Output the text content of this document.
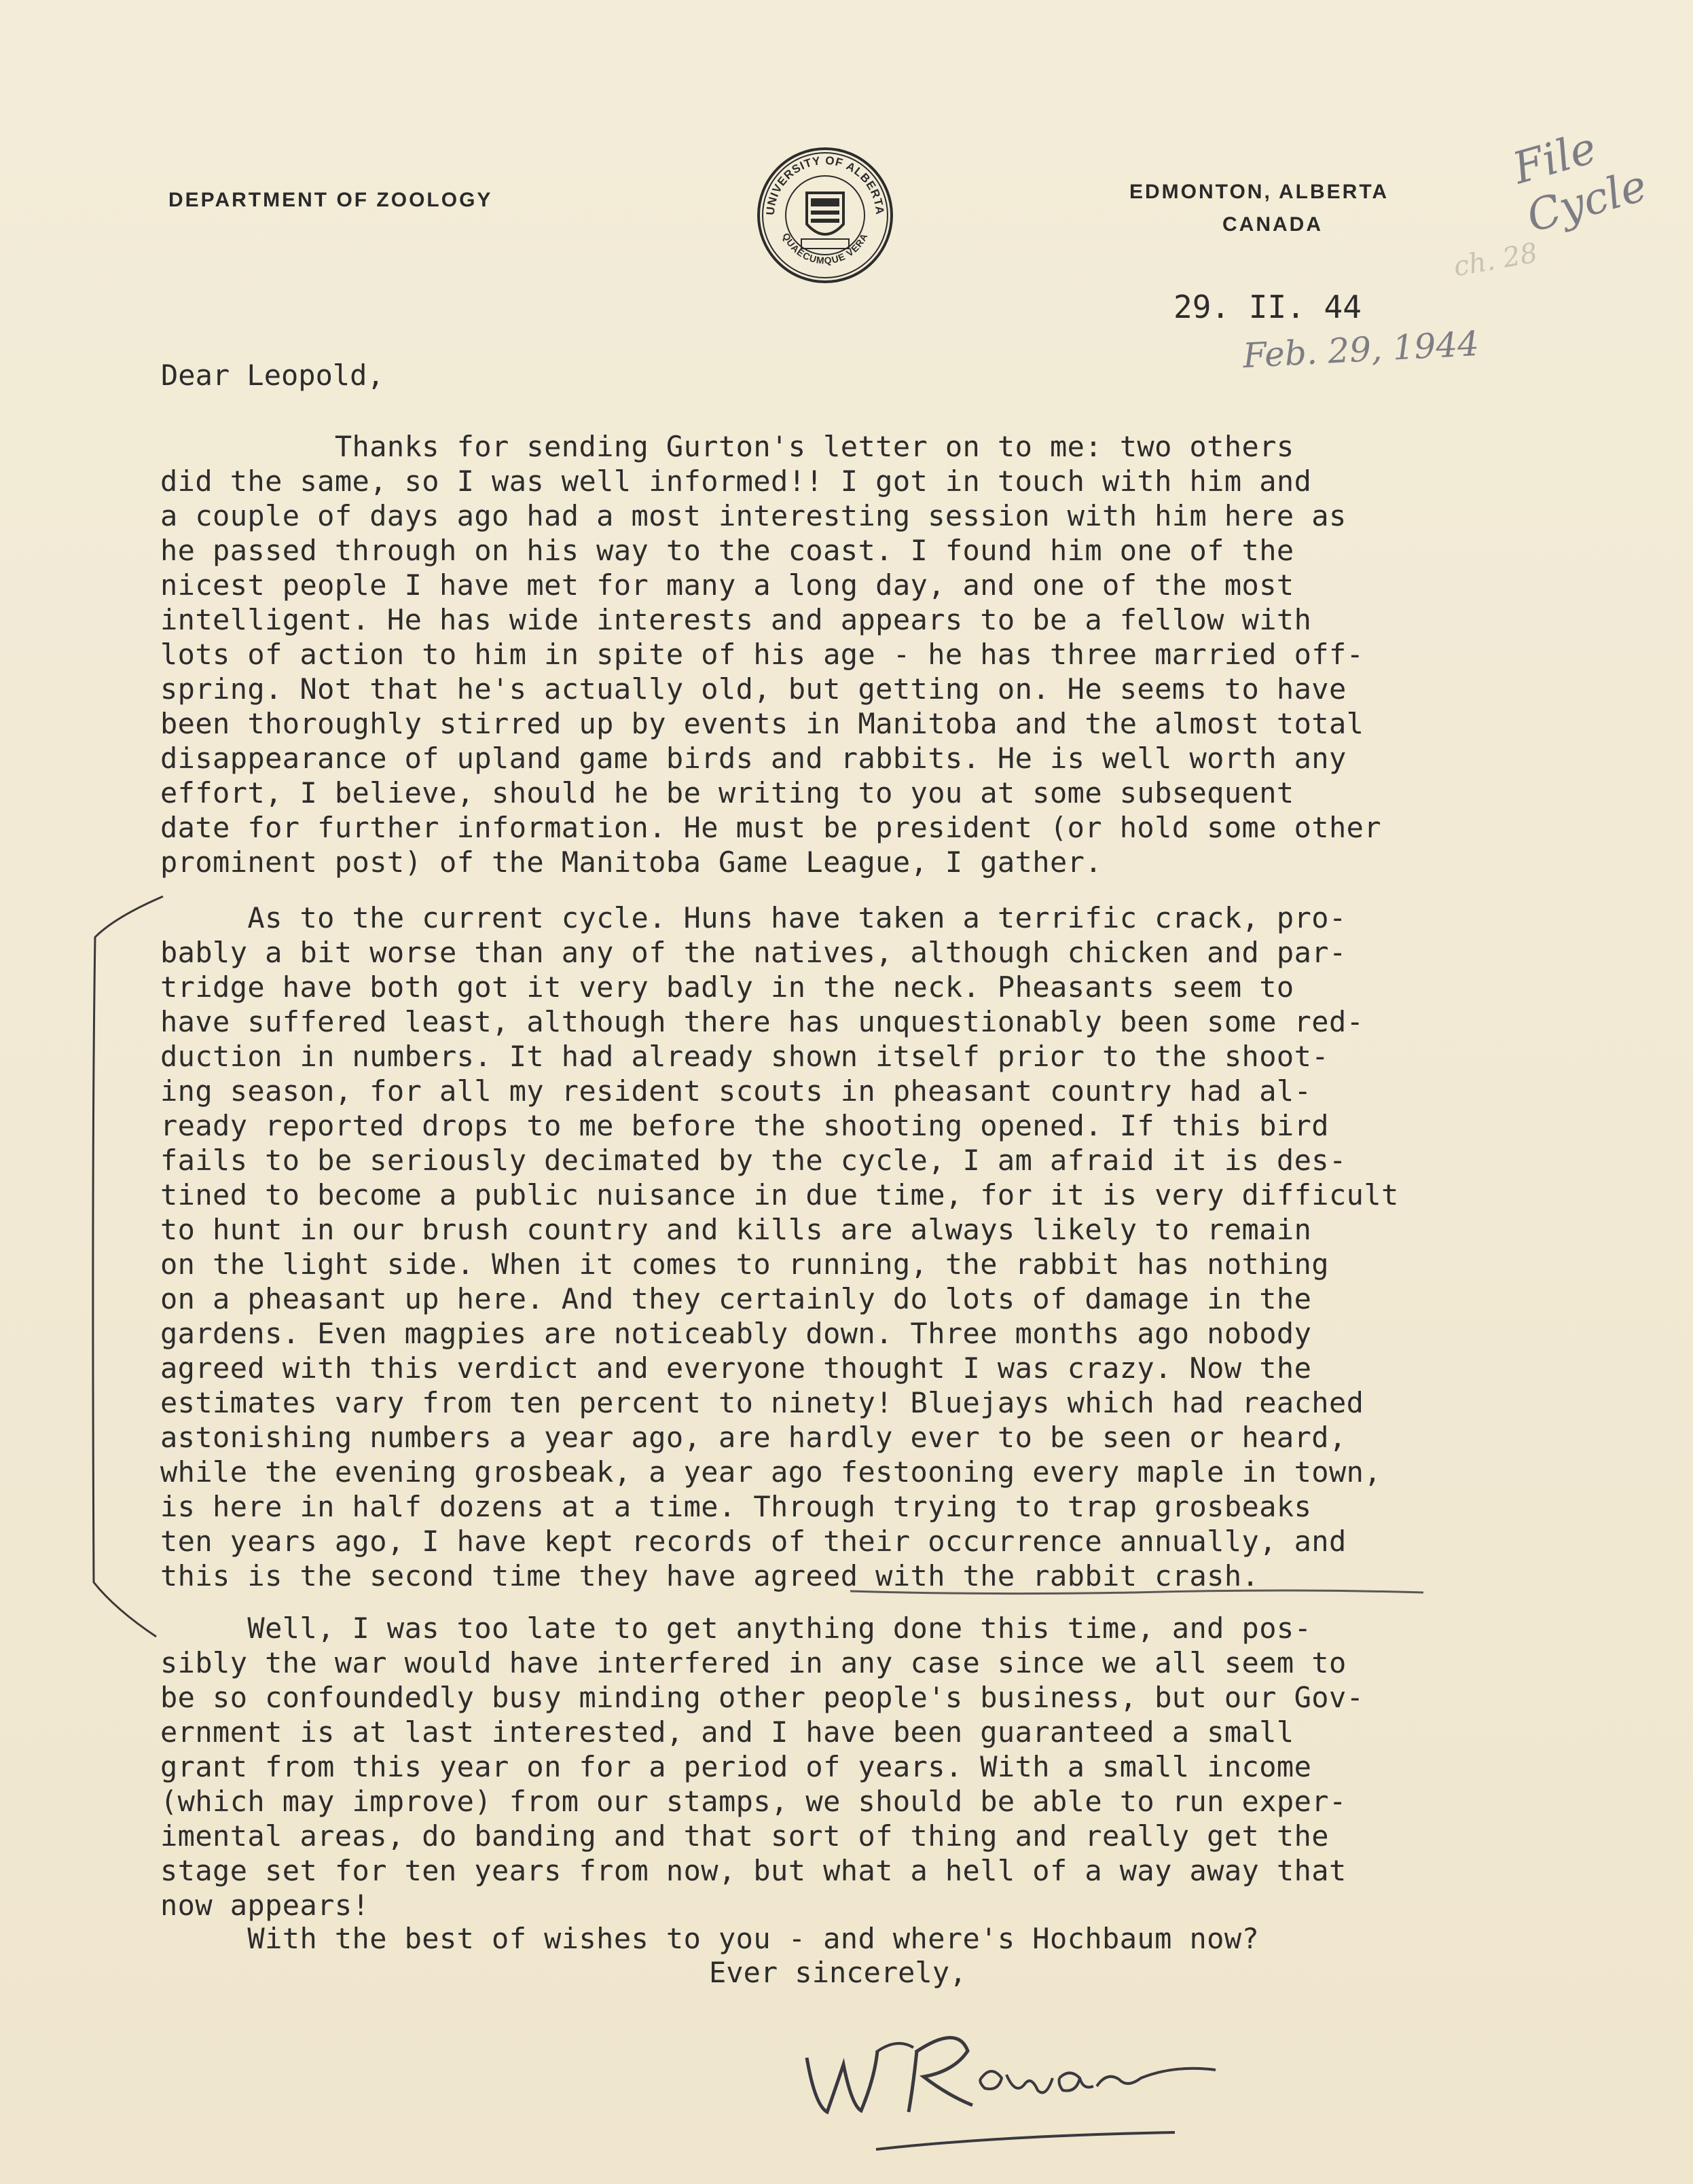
DEPARTMENT OF ZOOLOGY	UNIVERSITY OF ALBERTA
QUAECUMQUE VERA
EDMONTON, ALBERTA
CANADA
File Cycle
ch. 28
Feb. 29, 1944
29. II. 44
Dear Leopold,
Thanks for sending Gurton's letter on to me: two others
did the same, so I was well informed!! I got in touch with him and
a couple of days ago had a most interesting session with him here as
he passed through on his way to the coast. I found him one of the
nicest people I have met for many a long day, and one of the most
intelligent. He has wide interests and appears to be a fellow with
lots of action to him in spite of his age - he has three married off-
spring. Not that he's actually old, but getting on. He seems to have
been thoroughly stirred up by events in Manitoba and the almost total
disappearance of upland game birds and rabbits. He is well worth any
effort, I believe, should he be writing to you at some subsequent
date for further information. He must be president (or hold some other
prominent post) of the Manitoba Game League, I gather.
As to the current cycle. Huns have taken a terrific crack, pro-
bably a bit worse than any of the natives, although chicken and par-
tridge have both got it very badly in the neck. Pheasants seem to
have suffered least, although there has unquestionably been some red-
duction in numbers. It had already shown itself prior to the shoot-
ing season, for all my resident scouts in pheasant country had al-
ready reported drops to me before the shooting opened. If this bird
fails to be seriously decimated by the cycle, I am afraid it is des-
tined to become a public nuisance in due time, for it is very difficult
to hunt in our brush country and kills are always likely to remain
on the light side. When it comes to running, the rabbit has nothing
on a pheasant up here. And they certainly do lots of damage in the
gardens. Even magpies are noticeably down. Three months ago nobody
agreed with this verdict and everyone thought I was crazy. Now the
estimates vary from ten percent to ninety! Bluejays which had reached
astonishing numbers a year ago, are hardly ever to be seen or heard,
while the evening grosbeak, a year ago festooning every maple in town,
is here in half dozens at a time. Through trying to trap grosbeaks
ten years ago, I have kept records of their occurrence annually, and
this is the second time they have agreed with the rabbit crash.
Well, I was too late to get anything done this time, and pos-
sibly the war would have interfered in any case since we all seem to
be so confoundedly busy minding other people's business, but our Gov-
ernment is at last interested, and I have been guaranteed a small
grant from this year on for a period of years. With a small income
(which may improve) from our stamps, we should be able to run exper-
imental areas, do banding and that sort of thing and really get the
stage set for ten years from now, but what a hell of a way away that
now appears!
With the best of wishes to you - and where's Hochbaum now?
Ever sincerely,
